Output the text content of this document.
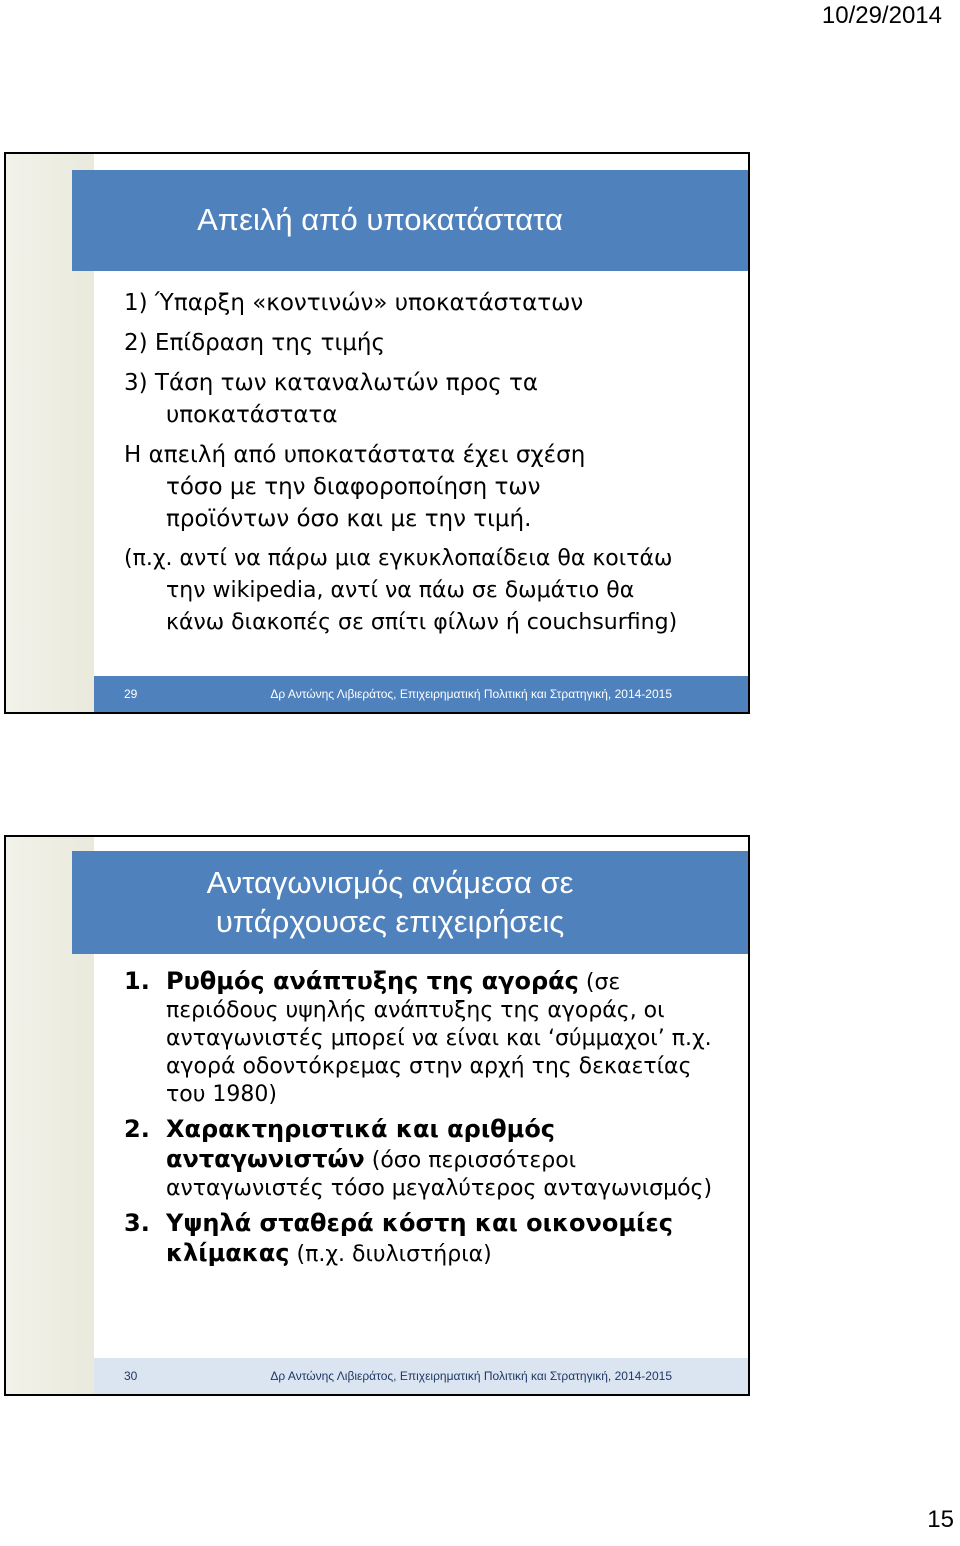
10/29/2014
Απειλή από υποκατάστατα
1) Ύπαρξη «κοντινών» υποκατάστατων
2) Επίδραση της τιμής
3) Τάση των καταναλωτών προς τα
υποκατάστατα
Η απειλή από υποκατάστατα έχει σχέση
τόσο με την διαφοροποίηση των
προϊόντων όσο και με την τιμή.
(π.χ. αντί να πάρω μια εγκυκλοπαίδεια θα κοιτάω
την wikipedia, αντί να πάω σε δωμάτιο θα
κάνω διακοπές σε σπίτι φίλων ή couchsurfing)
29	Δρ Αντώνης Λιβιεράτος, Επιχειρηματική Πολιτική και Στρατηγική, 2014-2015
Ανταγωνισμός ανάμεσα σε
υπάρχουσες επιχειρήσεις
1. Ρυθμός ανάπτυξης της αγοράς (σε περιόδους υψηλής ανάπτυξης της αγοράς, οι ανταγωνιστές μπορεί να είναι και ‘σύμμαχοι’ π.χ. αγορά οδοντόκρεμας στην αρχή της δεκαετίας του 1980)
2. Χαρακτηριστικά και αριθμός ανταγωνιστών (όσο περισσότεροι ανταγωνιστές τόσο μεγαλύτερος ανταγωνισμός)
3. Υψηλά σταθερά κόστη και οικονομίες κλίμακας (π.χ. διυλιστήρια)
30	Δρ Αντώνης Λιβιεράτος, Επιχειρηματική Πολιτική και Στρατηγική, 2014-2015
15
